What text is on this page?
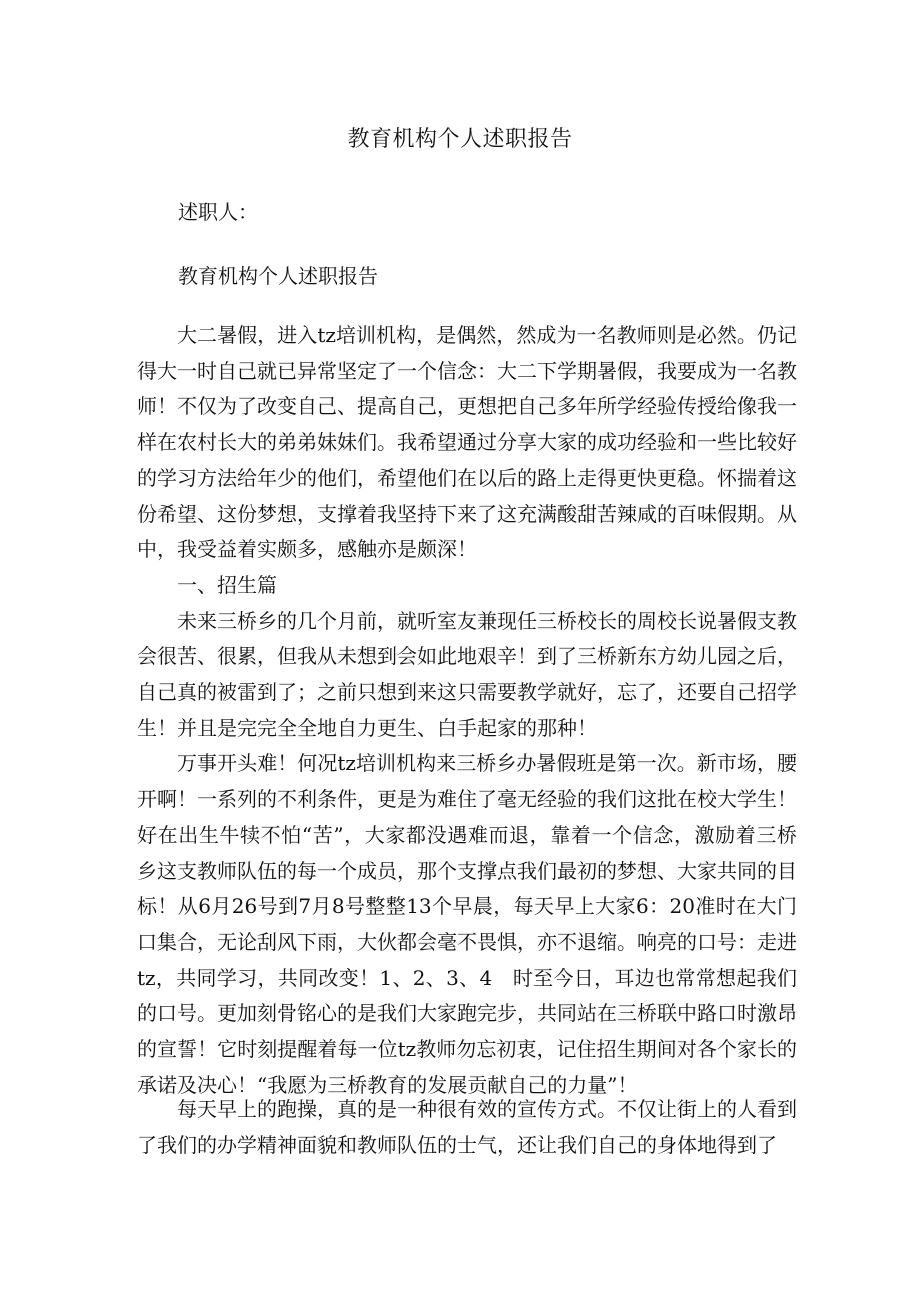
教育机构个人述职报告
述职人：
教育机构个人述职报告

大二暑假，进入tz培训机构，是偶然，然成为一名教师则是必然。仍记得大一时自己就已异常坚定了一个信念：大二下学期暑假，我要成为一名教师！不仅为了改变自己、提高自己，更想把自己多年所学经验传授给像我一样在农村长大的弟弟妹妹们。我希望通过分享大家的成功经验和一些比较好的学习方法给年少的他们，希望他们在以后的路上走得更快更稳。怀揣着这份希望、这份梦想，支撑着我坚持下来了这充满酸甜苦辣咸的百味假期。从中，我受益着实颇多，感触亦是颇深！

一、招生篇

未来三桥乡的几个月前，就听室友兼现任三桥校长的周校长说暑假支教会很苦、很累，但我从未想到会如此地艰辛！到了三桥新东方幼儿园之后，自己真的被雷到了；之前只想到来这只需要教学就好，忘了，还要自己招学生！并且是完完全全地自力更生、白手起家的那种！

万事开头难！何况tz培训机构来三桥乡办暑假班是第一次。新市场，腰开啊！一系列的不利条件，更是为难住了毫无经验的我们这批在校大学生！好在出生牛犊不怕“苦”，大家都没遇难而退，靠着一个信念，激励着三桥乡这支教师队伍的每一个成员，那个支撑点我们最初的梦想、大家共同的目标！从6月26号到7月8号整整13个早晨，每天早上大家6：20准时在大门口集合，无论刮风下雨，大伙都会毫不畏惧，亦不退缩。响亮的口号：走进tz，共同学习，共同改变！1、2、3、4　时至今日，耳边也常常想起我们的口号。更加刻骨铭心的是我们大家跑完步，共同站在三桥联中路口时激昂的宣誓！它时刻提醒着每一位tz教师勿忘初衷，记住招生期间对各个家长的承诺及决心！“我愿为三桥教育的发展贡献自己的力量”！

每天早上的跑操，真的是一种很有效的宣传方式。不仅让街上的人看到了我们的办学精神面貌和教师队伍的士气，还让我们自己的身体地得到了
